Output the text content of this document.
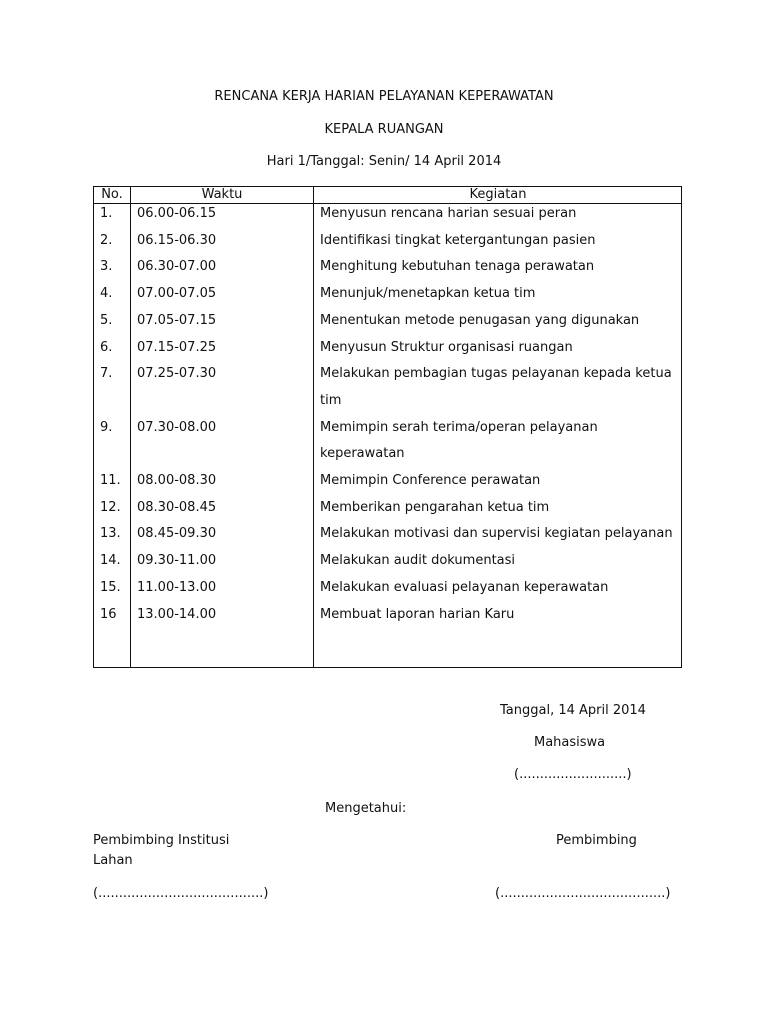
RENCANA KERJA HARIAN PELAYANAN KEPERAWATAN
KEPALA RUANGAN
Hari 1/Tanggal: Senin/ 14 April 2014
No.	Waktu	Kegiatan
1. 06.00-06.15	Menyusun rencana harian sesuai peran
2. 06.15-06.30	Identifikasi tingkat ketergantungan pasien
3. 06.30-07.00	Menghitung kebutuhan tenaga perawatan
4. 07.00-07.05	Menunjuk/menetapkan ketua tim
5. 07.05-07.15	Menentukan metode penugasan yang digunakan
6. 07.15-07.25	Menyusun Struktur organisasi ruangan
7. 07.25-07.30	Melakukan pembagian tugas pelayanan kepada ketua
tim
9. 07.30-08.00	Memimpin serah terima/operan pelayanan
keperawatan
11. 08.00-08.30	Memimpin Conference perawatan
12. 08.30-08.45	Memberikan pengarahan ketua tim
13. 08.45-09.30	Melakukan motivasi dan supervisi kegiatan pelayanan
14. 09.30-11.00	Melakukan audit dokumentasi
15. 11.00-13.00	Melakukan evaluasi pelayanan keperawatan
16 13.00-14.00	Membuat laporan harian Karu
Tanggal, 14 April 2014
Mahasiswa
(..........................)
Mengetahui:
Pembimbing Institusi
Lahan
Pembimbing
(........................................)	(........................................)
